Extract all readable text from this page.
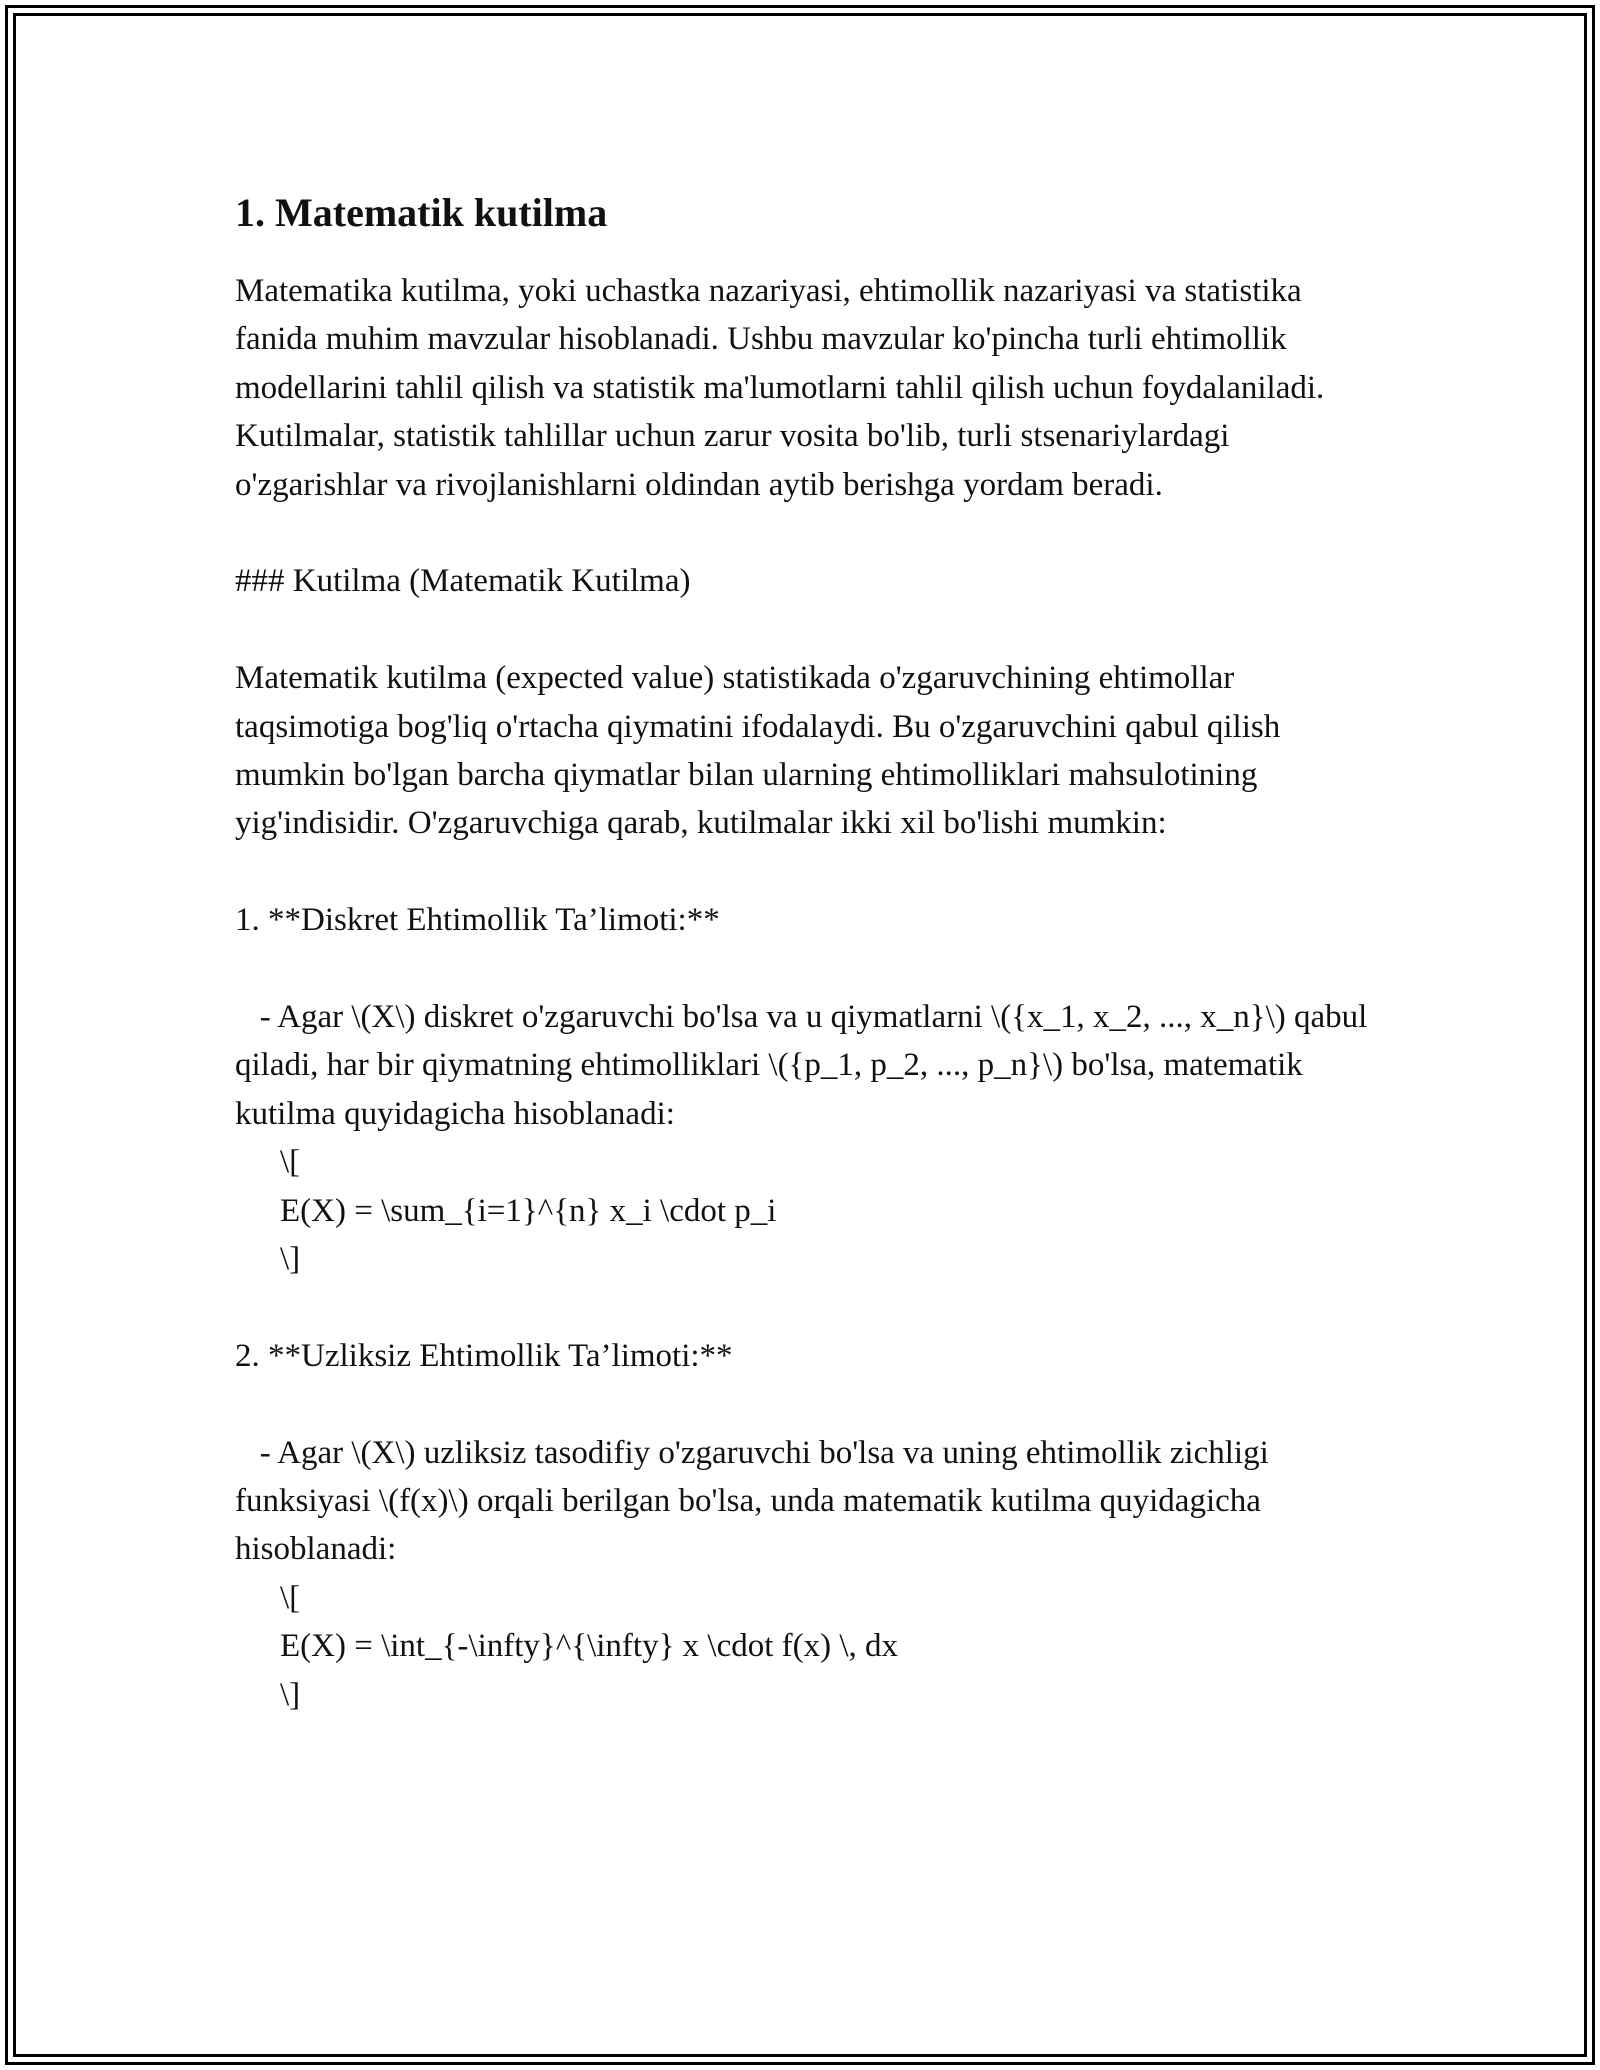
1. Matematik kutilma

Matematika kutilma, yoki uchastka nazariyasi, ehtimollik nazariyasi va statistika fanida muhim mavzular hisoblanadi. Ushbu mavzular ko'pincha turli ehtimollik modellarini tahlil qilish va statistik ma'lumotlarni tahlil qilish uchun foydalaniladi. Kutilmalar, statistik tahlillar uchun zarur vosita bo'lib, turli stsenariylardagi o'zgarishlar va rivojlanishlarni oldindan aytib berishga yordam beradi.

### Kutilma (Matematik Kutilma)

Matematik kutilma (expected value) statistikada o'zgaruvchining ehtimollar taqsimotiga bog'liq o'rtacha qiymatini ifodalaydi. Bu o'zgaruvchini qabul qilish mumkin bo'lgan barcha qiymatlar bilan ularning ehtimolliklari mahsulotining yig'indisidir. O'zgaruvchiga qarab, kutilmalar ikki xil bo'lishi mumkin:

1. **Diskret Ehtimollik Ta’limoti:**

- Agar \(X\) diskret o'zgaruvchi bo'lsa va u qiymatlarni \({x_1, x_2, ..., x_n}\) qabul qiladi, har bir qiymatning ehtimolliklari \({p_1, p_2, ..., p_n}\) bo'lsa, matematik kutilma quyidagicha hisoblanadi:

\[

E(X) = \sum_{i=1}^{n} x_i \cdot p_i

\]

2. **Uzliksiz Ehtimollik Ta’limoti:**

- Agar \(X\) uzliksiz tasodifiy o'zgaruvchi bo'lsa va uning ehtimollik zichligi funksiyasi \(f(x)\) orqali berilgan bo'lsa, unda matematik kutilma quyidagicha hisoblanadi:

\[

E(X) = \int_{-\infty}^{\infty} x \cdot f(x) \, dx

\]
